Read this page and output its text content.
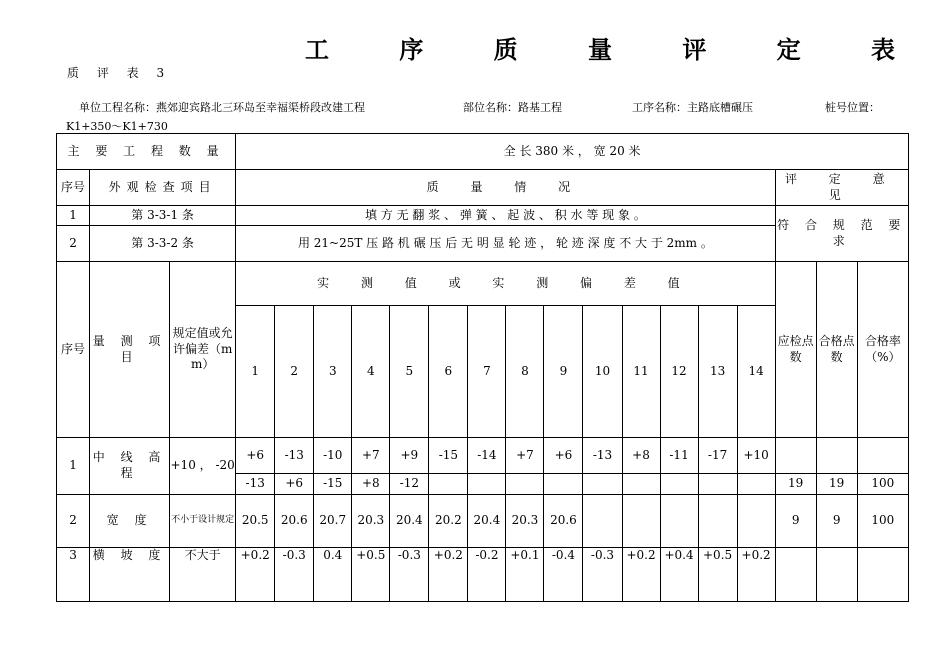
工	序	质	量	评	定	表
质 评 表 3
单位工程名称：燕郊迎宾路北三环岛至幸福渠桥段改建工程	部位名称：路基工程	工序名称：主路底槽碾压	桩号位置：
K1+350～K1+730
主 要 工 程 数 量			全 长 380 米 ， 宽 20 米																
序号	外观检查项目		质 量 情 况														评 定 意 见		
1	第 3-3-1 条		填 方 无 翻 浆 、 弹 簧 、 起 波 、 积 水 等 现 象 。														符 合 规 范 要 求		
2	第 3-3-2 条		用 21~25T 压 路 机 碾 压 后 无 明 显 轮 迹 ， 轮 迹 深 度 不 大 于 2mm 。																
序号	量 测 项 目	规定值或允许偏差（mm）	实 测 值 或 实 测 偏 差 值														应检点数	合格点数	合格率（%）
			1	2	3	4	5	6	7	8	9	10	11	12	13	14			
1	中 线 高 程	+10 ， -20	+6	-13	-10	+7	+9	-15	-14	+7	+6	-13	+8	-11	-17	+10			
			-13	+6	-15	+8	-12										19	19	100
2	宽 度	不小于设计规定	20.5	20.6	20.7	20.3	20.4	20.2	20.4	20.3	20.6						9	9	100
3	横 坡 度	不大于	+0.2	-0.3	0.4	+0.5	-0.3	+0.2	-0.2	+0.1	-0.4	-0.3	+0.2	+0.4	+0.5	+0.2			
